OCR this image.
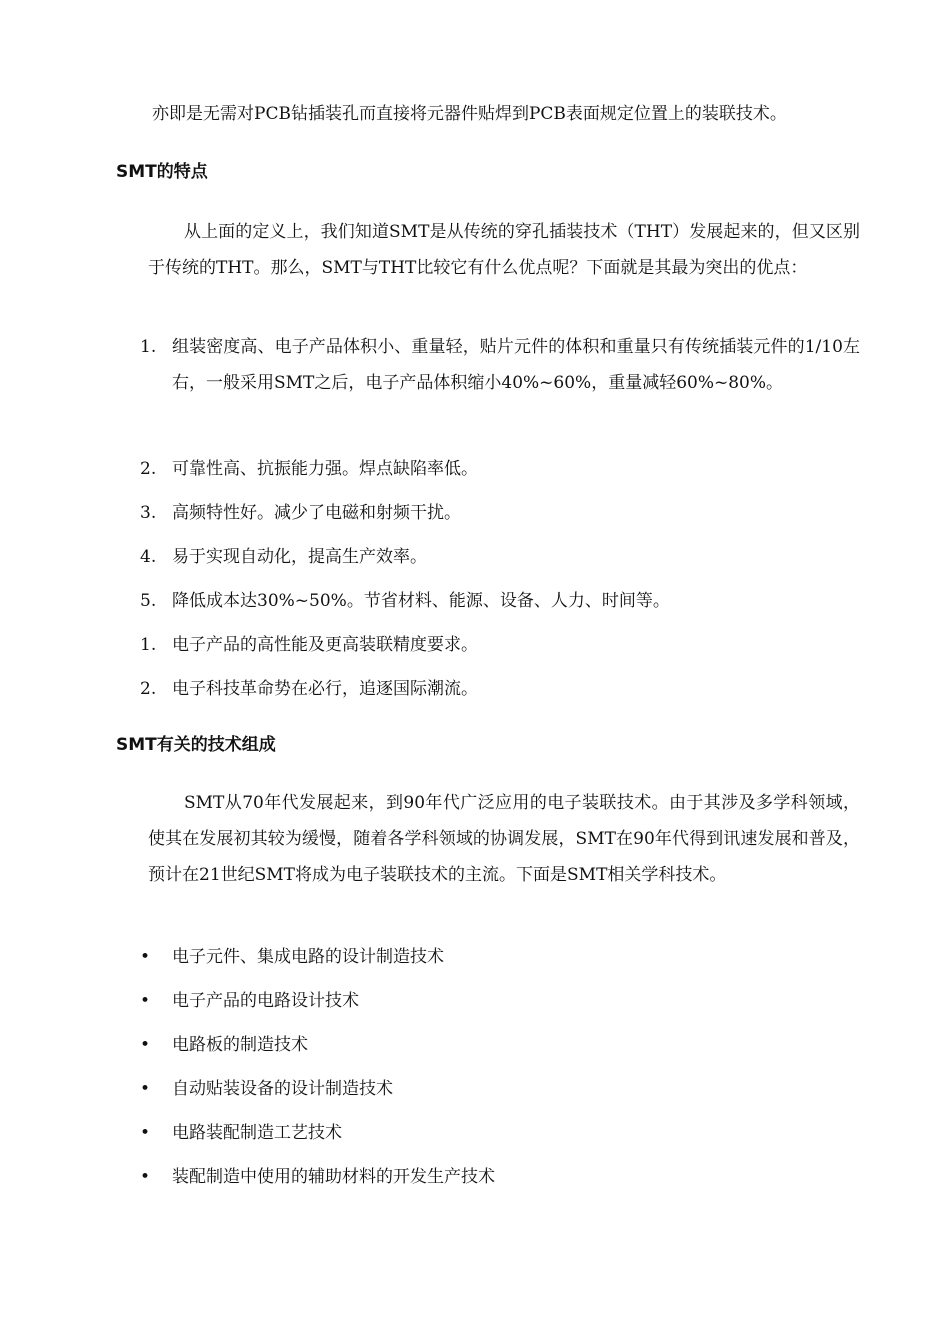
亦即是无需对PCB钻插装孔而直接将元器件贴焊到PCB表面规定位置上的装联技术。
SMT的特点
从上面的定义上，我们知道SMT是从传统的穿孔插装技术（THT）发展起来的，但又区别于传统的THT。那么，SMT与THT比较它有什么优点呢？下面就是其最为突出的优点：
1. 组装密度高、电子产品体积小、重量轻，贴片元件的体积和重量只有传统插装元件的1/10左右，一般采用SMT之后，电子产品体积缩小40%~60%，重量减轻60%~80%。
2. 可靠性高、抗振能力强。焊点缺陷率低。
3. 高频特性好。减少了电磁和射频干扰。
4. 易于实现自动化，提高生产效率。
5. 降低成本达30%~50%。节省材料、能源、设备、人力、时间等。
1. 电子产品的高性能及更高装联精度要求。
2. 电子科技革命势在必行，追逐国际潮流。
SMT有关的技术组成
SMT从70年代发展起来，到90年代广泛应用的电子装联技术。由于其涉及多学科领域，使其在发展初其较为缓慢，随着各学科领域的协调发展，SMT在90年代得到讯速发展和普及，预计在21世纪SMT将成为电子装联技术的主流。下面是SMT相关学科技术。
•	电子元件、集成电路的设计制造技术
•	电子产品的电路设计技术
•	电路板的制造技术
•	自动贴装设备的设计制造技术
•	电路装配制造工艺技术
•	装配制造中使用的辅助材料的开发生产技术
